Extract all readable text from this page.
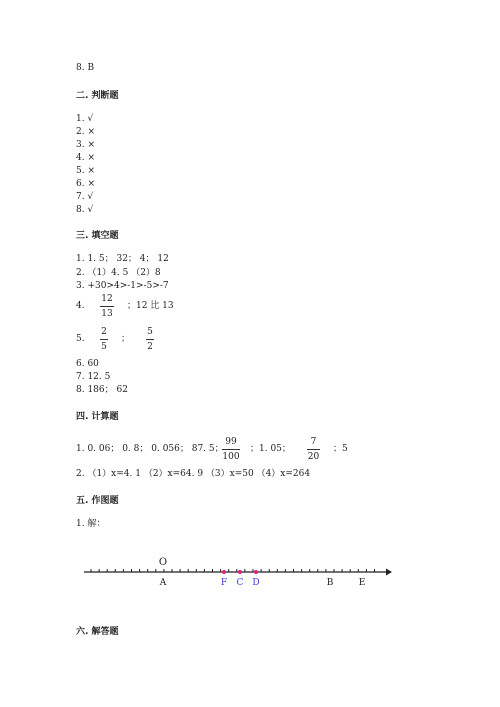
8. B
二. 判断题
1. √
2. ×
3. ×
4. ×
5. ×
6. ×
7. √
8. √
三. 填空题
1. 1. 5； 32； 4； 12
2. （1）4. 5 （2）8
3. +30>4>-1>-5>-7
4.
12
13
；12 比 13
5.
2
5
；
5
2
6. 60
7. 12. 5
8. 186； 62
四. 计算题
1. 0. 06； 0. 8； 0. 056； 87. 5；
99
100
；1. 05；
7
20
；5
2. （1）x=4. 1 （2）x=64. 9 （3）x=50 （4）x=264
五. 作图题
1. 解：
O
A	F C D	B	E
六. 解答题
